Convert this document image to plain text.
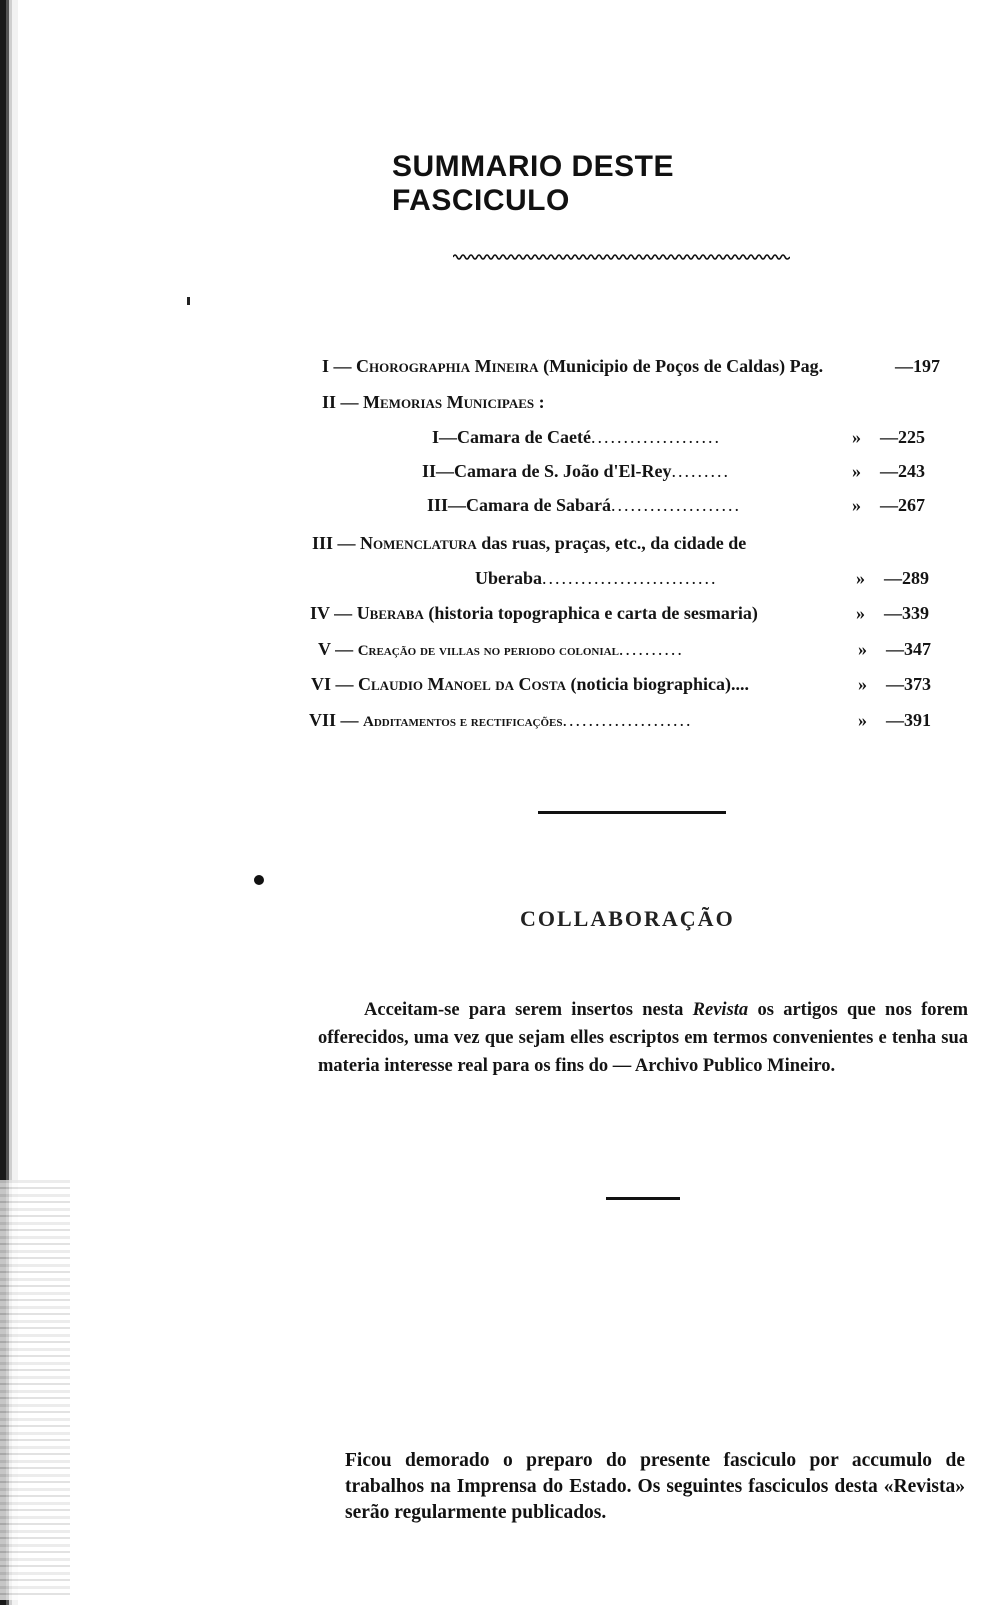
SUMMARIO DESTE FASCICULO
I — Chorographia Mineira (Municipio de Poços de Caldas) Pag.	—197
II — Memorias Municipaes :
I—Camara de Caeté....................	» —225
II—Camara de S. João d'El-Rey.........	» —243
III—Camara de Sabará....................	» —267
III — Nomenclatura das ruas, praças, etc., da cidade de
Uberaba...........................	» —289
IV — Uberaba (historia topographica e carta de sesmaria)	» —339
V — Creação de villas no periodo colonial..........	» —347
VI — Claudio Manoel da Costa (noticia biographica)....	» —373
VII — Additamentos e rectificações....................	» —391
COLLABORAÇÃO

Acceitam-se para serem insertos nesta Revista os artigos que nos forem offerecidos, uma vez que sejam elles escriptos em termos convenientes e tenha sua materia interesse real para os fins do — Archivo Publico Mineiro.

Ficou demorado o preparo do presente fasciculo por accumulo de trabalhos na Imprensa do Estado. Os seguintes fasciculos desta «Revista» serão regularmente publicados.
